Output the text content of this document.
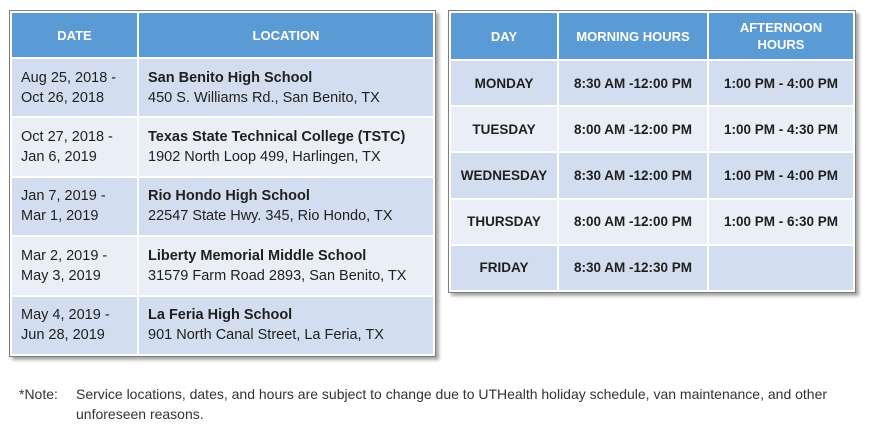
DATE	LOCATION

Aug 25, 2018 -
Oct 26, 2018	San Benito High School
450 S. Williams Rd., San Benito, TX

Oct 27, 2018 -
Jan 6, 2019	Texas State Technical College (TSTC)
1902 North Loop 499, Harlingen, TX

Jan 7, 2019 -
Mar 1, 2019	Rio Hondo High School
22547 State Hwy. 345, Rio Hondo, TX

Mar 2, 2019 -
May 3, 2019	Liberty Memorial Middle School
31579 Farm Road 2893, San Benito, TX

May 4, 2019 -
Jun 28, 2019	La Feria High School
901 North Canal Street, La Feria, TX
DAY	MORNING HOURS	AFTERNOON
HOURS

MONDAY	8:30 AM -12:00 PM	1:00 PM - 4:00 PM
TUESDAY	8:00 AM -12:00 PM	1:00 PM - 4:30 PM
WEDNESDAY	8:30 AM -12:00 PM	1:00 PM - 4:00 PM
THURSDAY	8:00 AM -12:00 PM	1:00 PM - 6:30 PM
FRIDAY	8:30 AM -12:30 PM	
*Note: Service locations, dates, and hours are subject to change due to UTHealth holiday schedule, van maintenance, and other unforeseen reasons.
